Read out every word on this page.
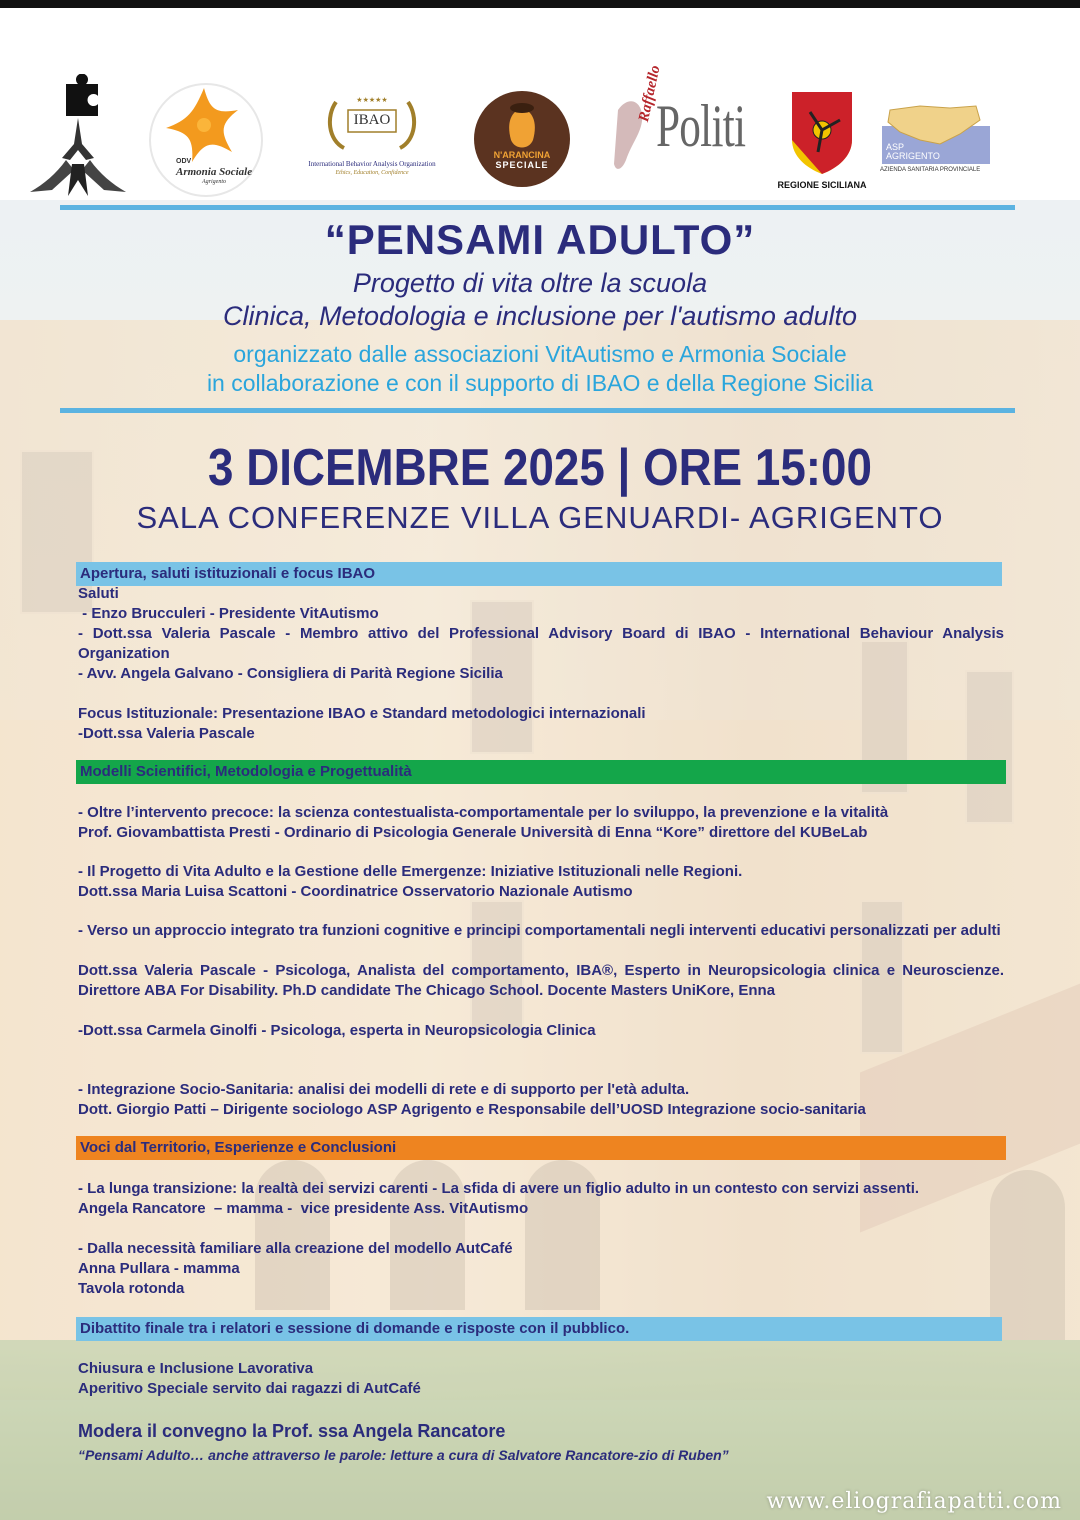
ODV
Armonia Sociale
Agrigento
★★★★★
IBAO
International Behavior Analysis Organization
Ethics, Education, Confidence
N'ARANCINA
SPECIALE
Raffaello
Politi
REGIONE SICILIANA
ASP
AGRIGENTO
AZIENDA SANITARIA PROVINCIALE
“PENSAMI ADULTO”
Progetto di vita oltre la scuola
Clinica, Metodologia e inclusione per l'autismo adulto
organizzato dalle associazioni VitAutismo e Armonia Sociale
in collaborazione e con il supporto di IBAO e della Regione Sicilia
3 DICEMBRE 2025 | ORE 15:00
SALA CONFERENZE VILLA GENUARDI- AGRIGENTO
Apertura, saluti istituzionali e focus IBAO
Saluti
- Enzo Brucculeri - Presidente VitAutismo
- Dott.ssa Valeria Pascale - Membro attivo del Professional Advisory Board di IBAO - International Behaviour Analysis Organization
- Avv. Angela Galvano - Consigliera di Parità Regione Sicilia
Focus Istituzionale: Presentazione IBAO e Standard metodologici internazionali
-Dott.ssa Valeria Pascale
Modelli Scientifici, Metodologia e Progettualità
- Oltre l’intervento precoce: la scienza contestualista-comportamentale per lo sviluppo, la prevenzione e la vitalità
Prof. Giovambattista Presti - Ordinario di Psicologia Generale Università di Enna “Kore” direttore del KUBeLab
- Il Progetto di Vita Adulto e la Gestione delle Emergenze: Iniziative Istituzionali nelle Regioni.
Dott.ssa Maria Luisa Scattoni - Coordinatrice Osservatorio Nazionale Autismo
- Verso un approccio integrato tra funzioni cognitive e principi comportamentali negli interventi educativi personalizzati per adulti
Dott.ssa Valeria Pascale - Psicologa, Analista del comportamento, IBA®, Esperto in Neuropsicologia clinica e Neuroscienze. Direttore ABA For Disability. Ph.D candidate The Chicago School. Docente Masters UniKore, Enna
-Dott.ssa Carmela Ginolfi - Psicologa, esperta in Neuropsicologia Clinica
- Integrazione Socio-Sanitaria: analisi dei modelli di rete e di supporto per l'età adulta.
Dott. Giorgio Patti – Dirigente sociologo ASP Agrigento e Responsabile dell’UOSD Integrazione socio-sanitaria
Voci dal Territorio, Esperienze e Conclusioni
- La lunga transizione: la realtà dei servizi carenti - La sfida di avere un figlio adulto in un contesto con servizi assenti.
Angela Rancatore  – mamma -  vice presidente Ass. VitAutismo
- Dalla necessità familiare alla creazione del modello AutCafé
Anna Pullara - mamma
Tavola rotonda
Dibattito finale tra i relatori e sessione di domande e risposte con il pubblico.
Chiusura e Inclusione Lavorativa
Aperitivo Speciale servito dai ragazzi di AutCafé
Modera il convegno la Prof. ssa Angela Rancatore
“Pensami Adulto… anche attraverso le parole: letture a cura di Salvatore Rancatore-zio di Ruben”
www.eliografiapatti.com
